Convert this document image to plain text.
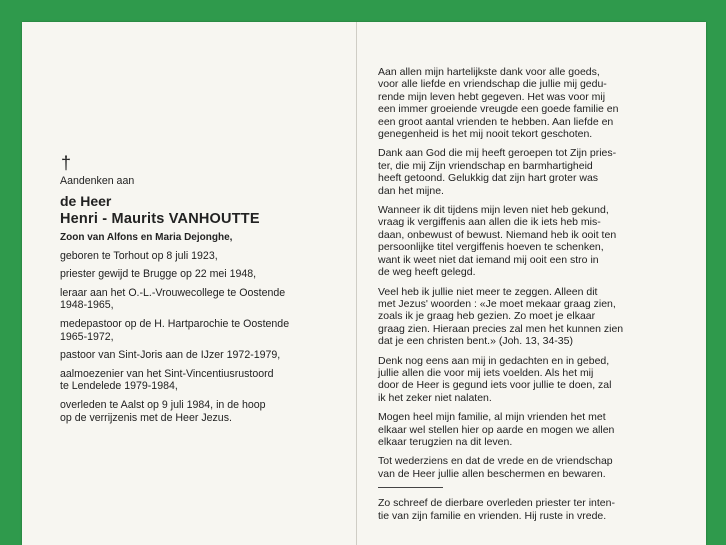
†
Aandenken aan
de Heer
Henri - Maurits VANHOUTTE
Zoon van Alfons en Maria Dejonghe,
geboren te Torhout op 8 juli 1923,
priester gewijd te Brugge op 22 mei 1948,
leraar aan het O.-L.-Vrouwecollege te Oostende
1948-1965,
medepastoor op de H. Hartparochie te Oostende
1965-1972,
pastoor van Sint-Joris aan de IJzer 1972-1979,
aalmoezenier van het Sint-Vincentiusrustoord
te Lendelede 1979-1984,
overleden te Aalst op 9 juli 1984, in de hoop
op de verrijzenis met de Heer Jezus.
Aan allen mijn hartelijkste dank voor alle goeds,
voor alle liefde en vriendschap die jullie mij gedu-
rende mijn leven hebt gegeven. Het was voor mij
een immer groeiende vreugde een goede familie en
een groot aantal vrienden te hebben. Aan liefde en
genegenheid is het mij nooit tekort geschoten.
Dank aan God die mij heeft geroepen tot Zijn pries-
ter, die mij Zijn vriendschap en barmhartigheid
heeft getoond. Gelukkig dat zijn hart groter was
dan het mijne.
Wanneer ik dit tijdens mijn leven niet heb gekund,
vraag ik vergiffenis aan allen die ik iets heb mis-
daan, onbewust of bewust. Niemand heb ik ooit ten
persoonlijke titel vergiffenis hoeven te schenken,
want ik weet niet dat iemand mij ooit een stro in
de weg heeft gelegd.
Veel heb ik jullie niet meer te zeggen. Alleen dit
met Jezus' woorden : «Je moet mekaar graag zien,
zoals ik je graag heb gezien. Zo moet je elkaar
graag zien. Hieraan precies zal men het kunnen zien
dat je een christen bent.» (Joh. 13, 34-35)
Denk nog eens aan mij in gedachten en in gebed,
jullie allen die voor mij iets voelden. Als het mij
door de Heer is gegund iets voor jullie te doen, zal
ik het zeker niet nalaten.
Mogen heel mijn familie, al mijn vrienden het met
elkaar wel stellen hier op aarde en mogen we allen
elkaar terugzien na dit leven.
Tot wederziens en dat de vrede en de vriendschap
van de Heer jullie allen beschermen en bewaren.
Zo schreef de dierbare overleden priester ter inten-
tie van zijn familie en vrienden. Hij ruste in vrede.
